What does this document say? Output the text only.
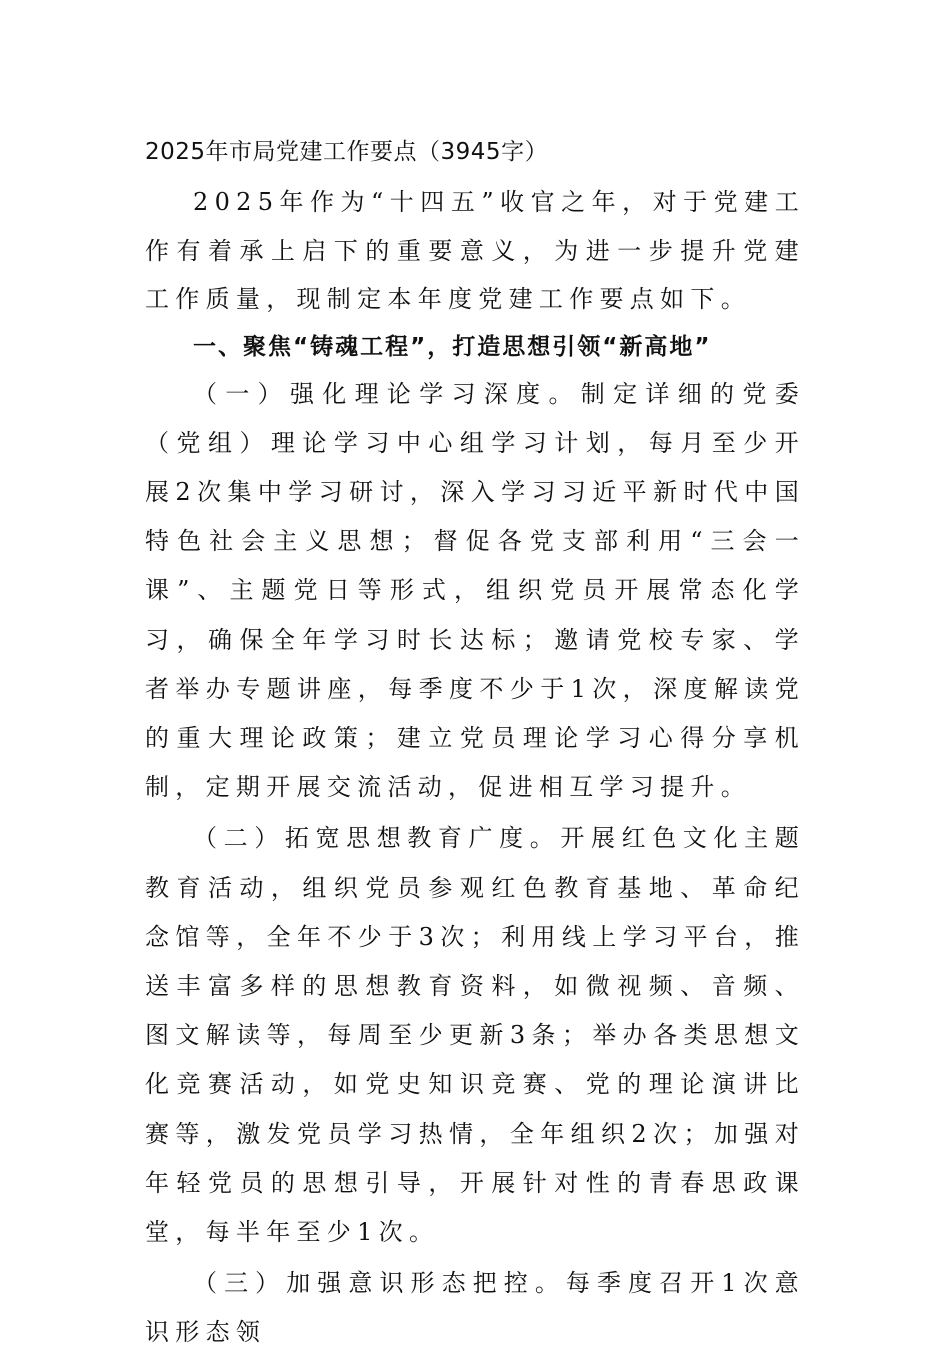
2025年市局党建工作要点（3945字）

2025年作为“十四五”收官之年，对于党建工作有着承上启下的重要意义，为进一步提升党建工作质量，现制定本年度党建工作要点如下。

一、聚焦“铸魂工程”，打造思想引领“新高地”

（一）强化理论学习深度。制定详细的党委（党组）理论学习中心组学习计划，每月至少开展2次集中学习研讨，深入学习习近平新时代中国特色社会主义思想；督促各党支部利用“三会一课”、主题党日等形式，组织党员开展常态化学习，确保全年学习时长达标；邀请党校专家、学者举办专题讲座，每季度不少于1次，深度解读党的重大理论政策；建立党员理论学习心得分享机制，定期开展交流活动，促进相互学习提升。

（二）拓宽思想教育广度。开展红色文化主题教育活动，组织党员参观红色教育基地、革命纪念馆等，全年不少于3次；利用线上学习平台，推送丰富多样的思想教育资料，如微视频、音频、图文解读等，每周至少更新3条；举办各类思想文化竞赛活动，如党史知识竞赛、党的理论演讲比赛等，激发党员学习热情，全年组织2次；加强对年轻党员的思想引导，开展针对性的青春思政课堂，每半年至少1次。

（三）加强意识形态把控。每季度召开1次意识形态领
